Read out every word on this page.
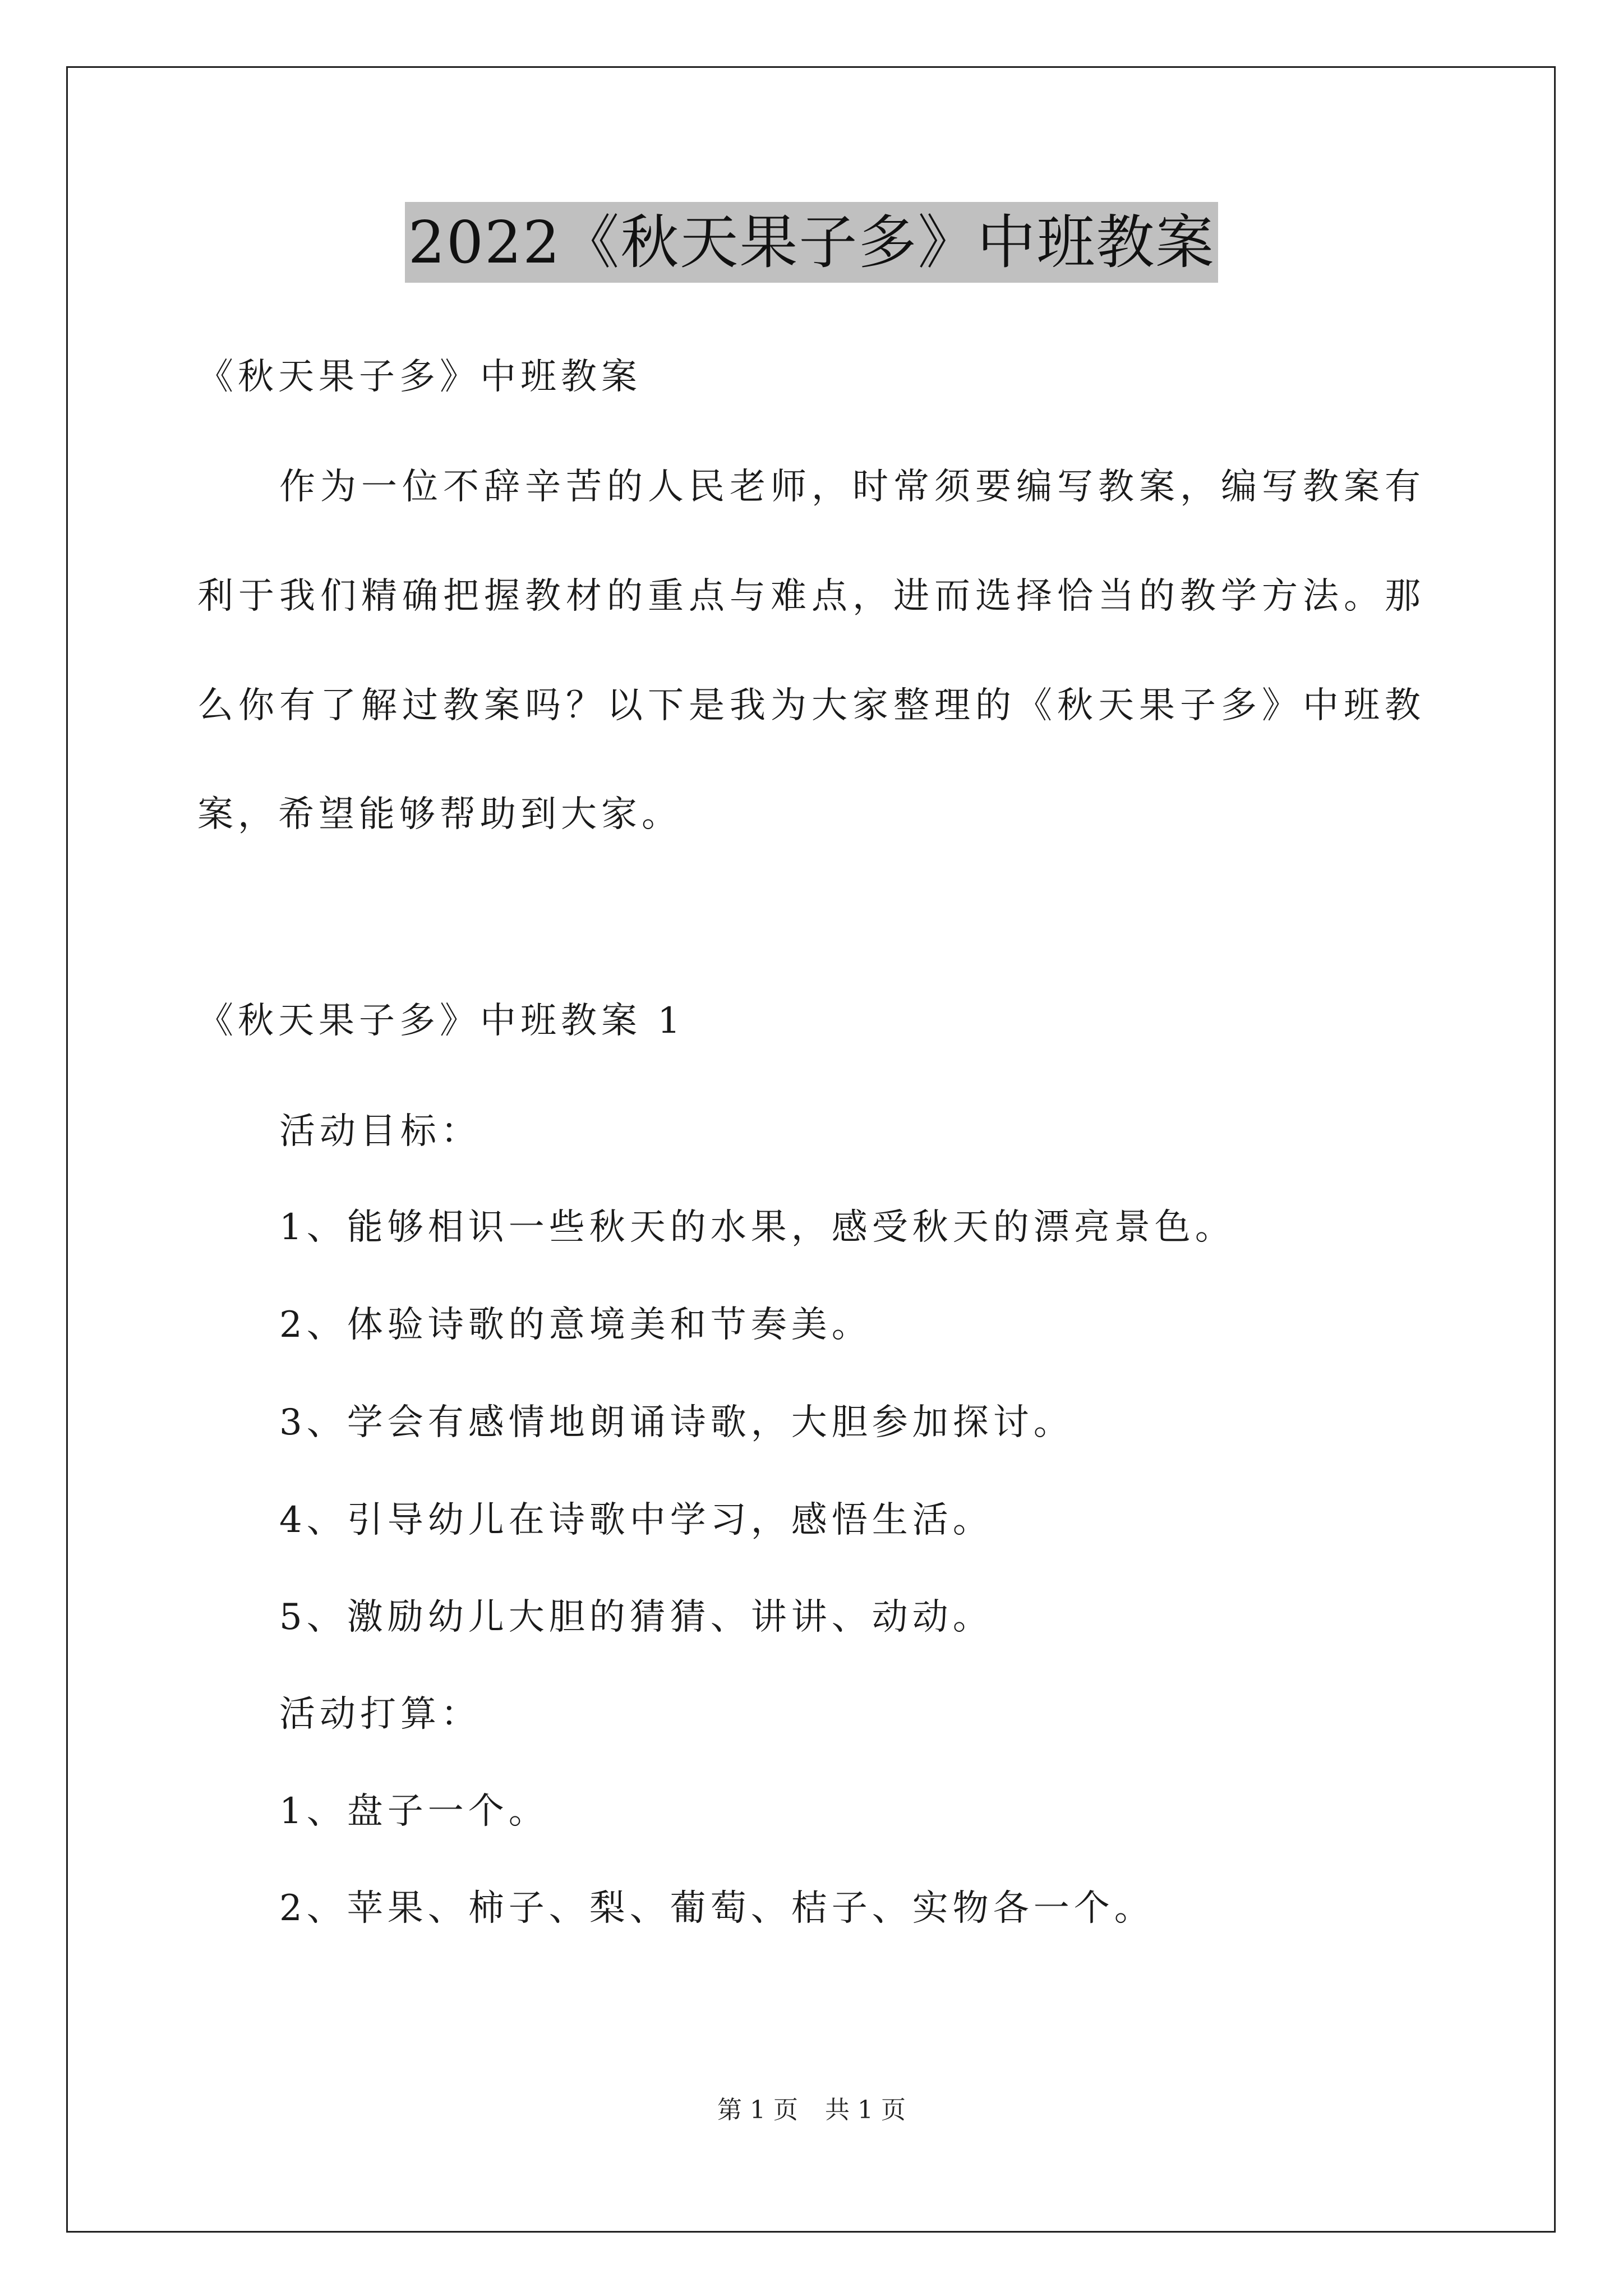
2022《秋天果子多》中班教案
《秋天果子多》中班教案
作为一位不辞辛苦的人民老师，时常须要编写教案，编写教案有
利于我们精确把握教材的重点与难点，进而选择恰当的教学方法。那
么你有了解过教案吗？以下是我为大家整理的《秋天果子多》中班教
案，希望能够帮助到大家。
《秋天果子多》中班教案 1
活动目标：
1、能够相识一些秋天的水果，感受秋天的漂亮景色。
2、体验诗歌的意境美和节奏美。
3、学会有感情地朗诵诗歌，大胆参加探讨。
4、引导幼儿在诗歌中学习，感悟生活。
5、激励幼儿大胆的猜猜、讲讲、动动。
活动打算：
1、盘子一个。
2、苹果、柿子、梨、葡萄、桔子、实物各一个。
第 1 页 共 1 页
